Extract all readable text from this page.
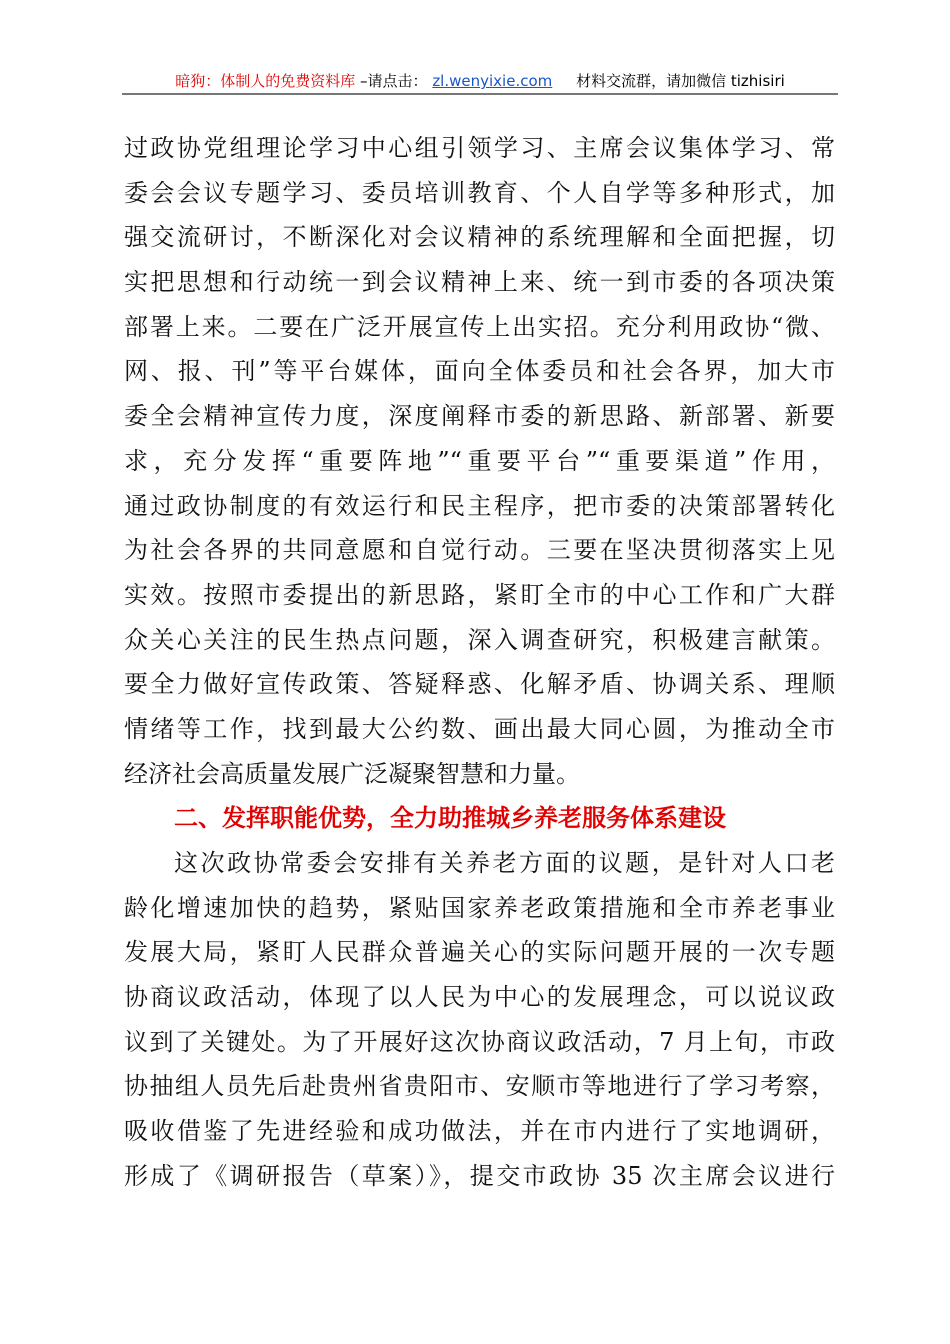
暗狗：体制人的免费资料库 –请点击： zl.wenyixie.com 材料交流群，请加微信 tizhisiri
过政协党组理论学习中心组引领学习、主席会议集体学习、常
委会会议专题学习、委员培训教育、个人自学等多种形式，加
强交流研讨，不断深化对会议精神的系统理解和全面把握，切
实把思想和行动统一到会议精神上来、统一到市委的各项决策
部署上来。二要在广泛开展宣传上出实招。充分利用政协“微、
网、报、刊”等平台媒体，面向全体委员和社会各界，加大市
委全会精神宣传力度，深度阐释市委的新思路、新部署、新要
求，充分发挥“重要阵地”“重要平台”“重要渠道”作用，
通过政协制度的有效运行和民主程序，把市委的决策部署转化
为社会各界的共同意愿和自觉行动。三要在坚决贯彻落实上见
实效。按照市委提出的新思路，紧盯全市的中心工作和广大群
众关心关注的民生热点问题，深入调查研究，积极建言献策。
要全力做好宣传政策、答疑释惑、化解矛盾、协调关系、理顺
情绪等工作，找到最大公约数、画出最大同心圆，为推动全市
经济社会高质量发展广泛凝聚智慧和力量。
二、发挥职能优势，全力助推城乡养老服务体系建设
这次政协常委会安排有关养老方面的议题，是针对人口老
龄化增速加快的趋势，紧贴国家养老政策措施和全市养老事业
发展大局，紧盯人民群众普遍关心的实际问题开展的一次专题
协商议政活动，体现了以人民为中心的发展理念，可以说议政
议到了关键处。为了开展好这次协商议政活动，7 月上旬，市政
协抽组人员先后赴贵州省贵阳市、安顺市等地进行了学习考察，
吸收借鉴了先进经验和成功做法，并在市内进行了实地调研，
形成了《调研报告（草案）》，提交市政协 35 次主席会议进行
